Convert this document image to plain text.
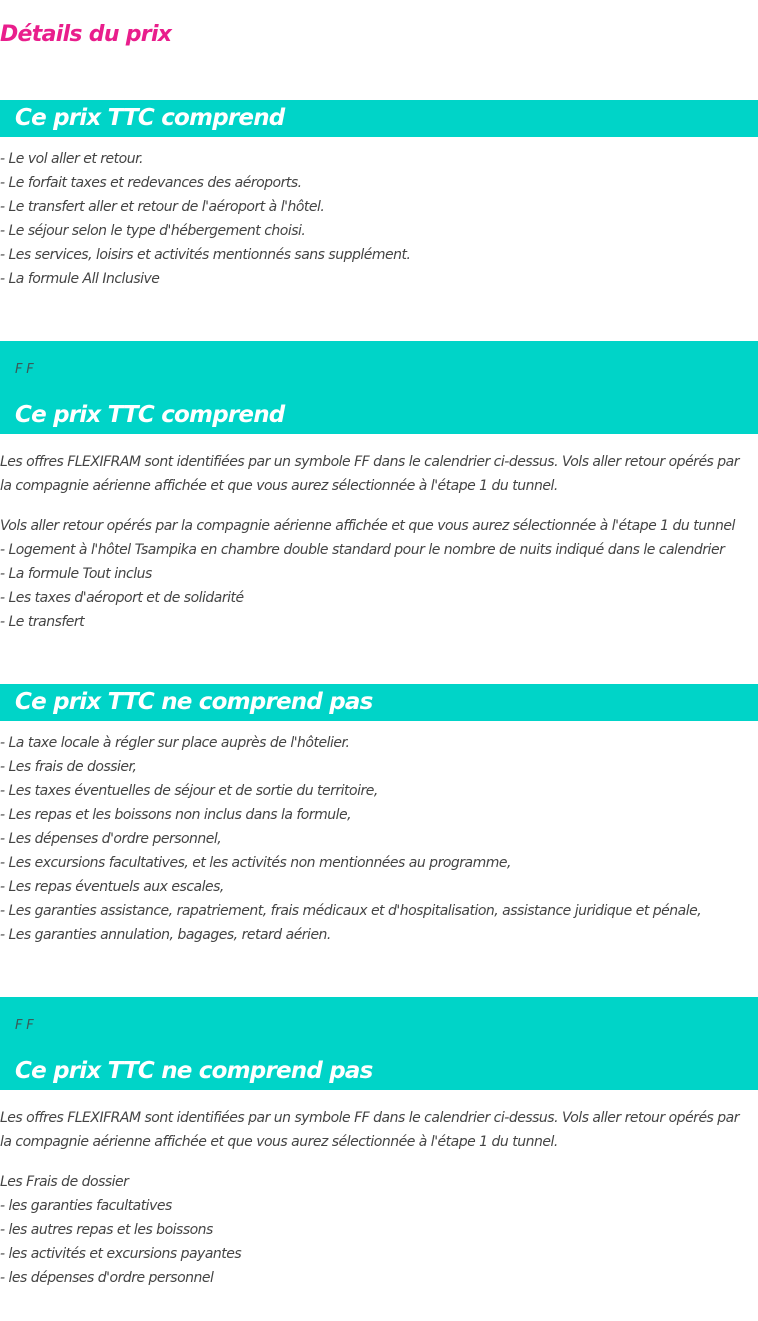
Détails du prix
Ce prix TTC comprend
- Le vol aller et retour.
- Le forfait taxes et redevances des aéroports.
- Le transfert aller et retour de l'aéroport à l'hôtel.
- Le séjour selon le type d'hébergement choisi.
- Les services, loisirs et activités mentionnés sans supplément.
- La formule All Inclusive
F F
Ce prix TTC comprend
Les offres FLEXIFRAM sont identifiées par un symbole FF dans le calendrier ci-dessus. Vols aller retour opérés par la compagnie aérienne affichée et que vous aurez sélectionnée à l'étape 1 du tunnel.
Vols aller retour opérés par la compagnie aérienne affichée et que vous aurez sélectionnée à l'étape 1 du tunnel
- Logement à l'hôtel Tsampika en chambre double standard pour le nombre de nuits indiqué dans le calendrier
- La formule Tout inclus
- Les taxes d'aéroport et de solidarité
- Le transfert
Ce prix TTC ne comprend pas
- La taxe locale à régler sur place auprès de l'hôtelier.
- Les frais de dossier,
- Les taxes éventuelles de séjour et de sortie du territoire,
- Les repas et les boissons non inclus dans la formule,
- Les dépenses d'ordre personnel,
- Les excursions facultatives, et les activités non mentionnées au programme,
- Les repas éventuels aux escales,
- Les garanties assistance, rapatriement, frais médicaux et d'hospitalisation, assistance juridique et pénale,
- Les garanties annulation, bagages, retard aérien.
F F
Ce prix TTC ne comprend pas
Les offres FLEXIFRAM sont identifiées par un symbole FF dans le calendrier ci-dessus. Vols aller retour opérés par la compagnie aérienne affichée et que vous aurez sélectionnée à l'étape 1 du tunnel.
Les Frais de dossier
- les garanties facultatives
- les autres repas et les boissons
- les activités et excursions payantes
- les dépenses d'ordre personnel
